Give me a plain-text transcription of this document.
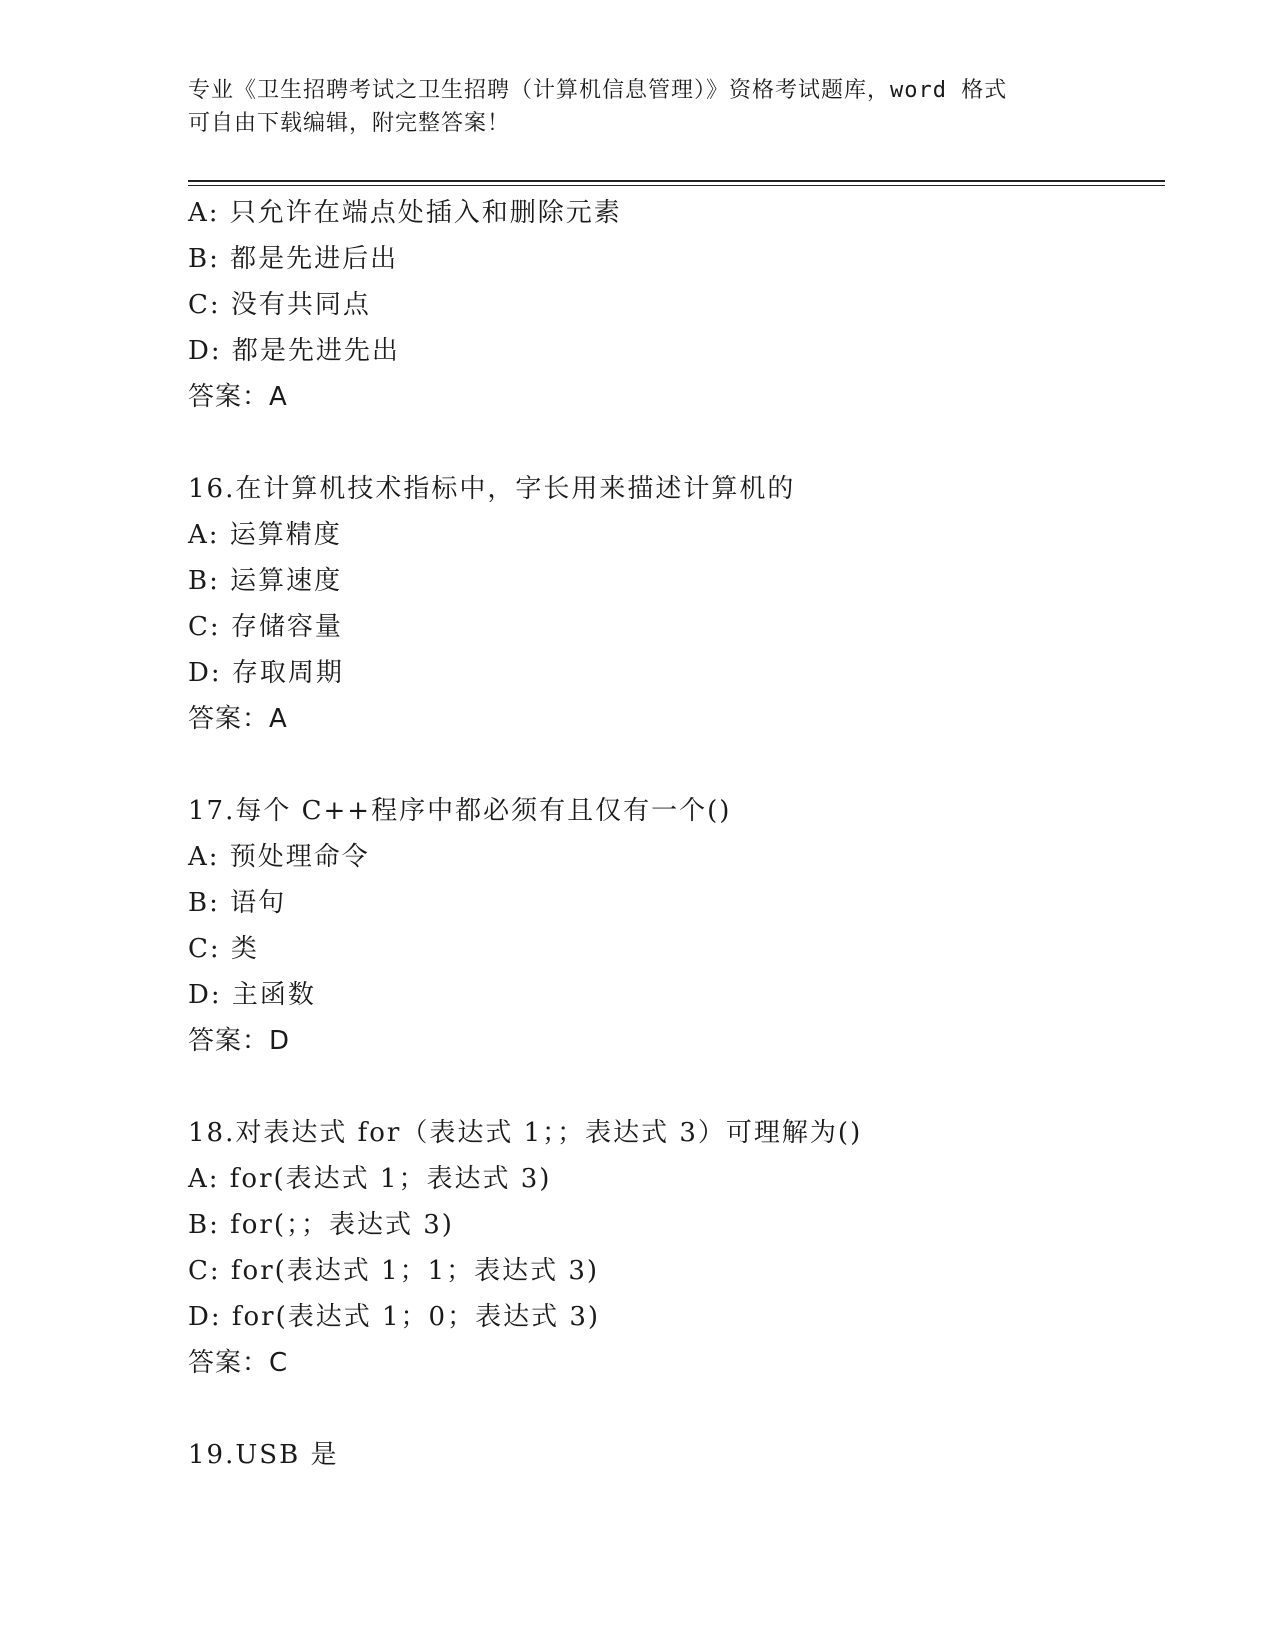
专业《卫生招聘考试之卫生招聘（计算机信息管理）》资格考试题库，word 格式
可自由下载编辑，附完整答案！
A: 只允许在端点处插入和删除元素
B: 都是先进后出
C: 没有共同点
D: 都是先进先出
答案：A
16.在计算机技术指标中，字长用来描述计算机的
A: 运算精度
B: 运算速度
C: 存储容量
D: 存取周期
答案：A
17.每个 C++程序中都必须有且仅有一个()
A: 预处理命令
B: 语句
C: 类
D: 主函数
答案：D
18.对表达式 for（表达式 1；；表达式 3）可理解为()
A: for(表达式 1；表达式 3)
B: for(；；表达式 3)
C: for(表达式 1；1；表达式 3)
D: for(表达式 1；0；表达式 3)
答案：C
19.USB 是
